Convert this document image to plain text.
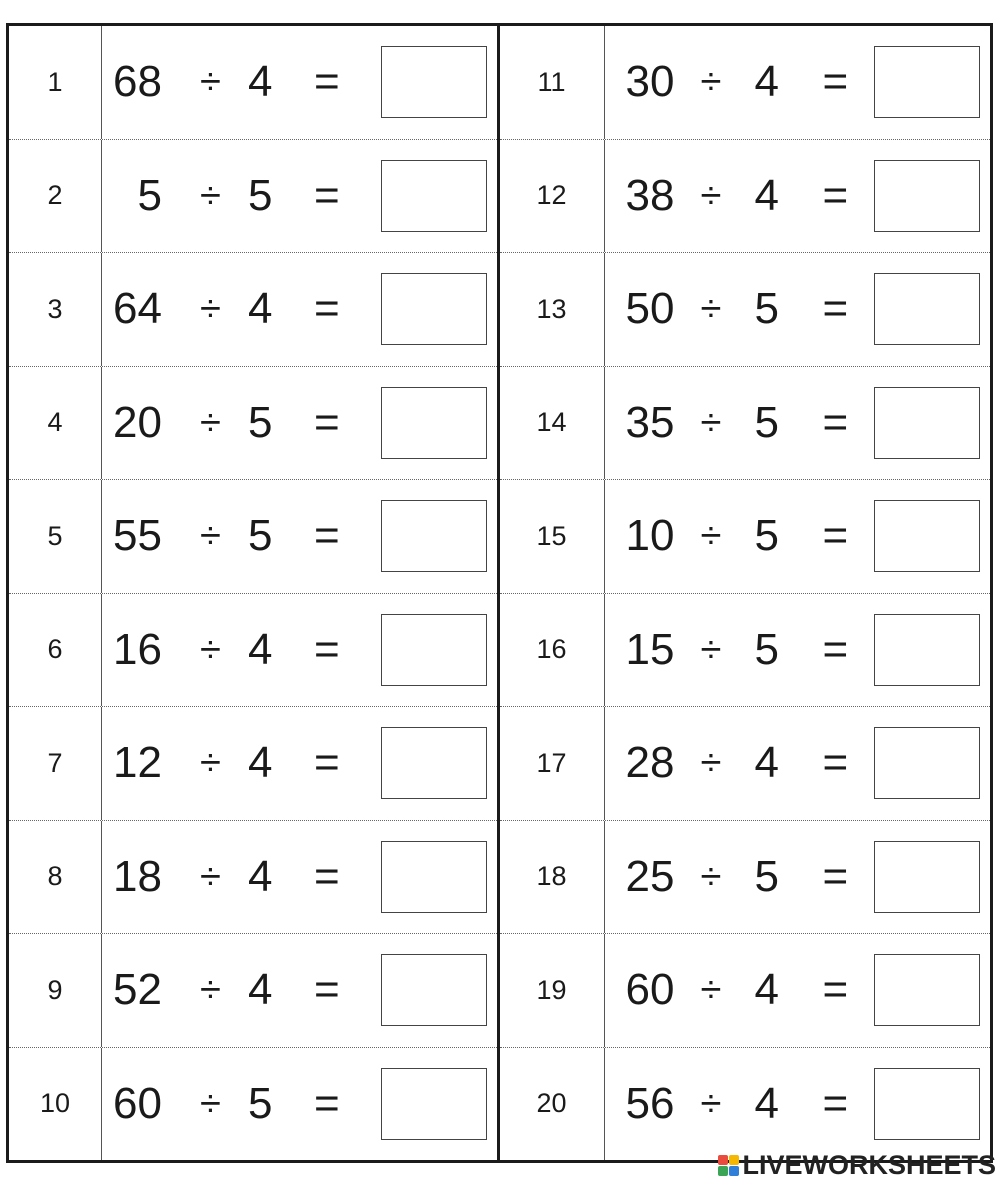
1	68 ÷ 4 =
2	5 ÷ 5 =
3	64 ÷ 4 =
4	20 ÷ 5 =
5	55 ÷ 5 =
6	16 ÷ 4 =
7	12 ÷ 4 =
8	18 ÷ 4 =
9	52 ÷ 4 =
10 60 ÷ 5 =
11	30 ÷ 4 =
12	38 ÷ 4 =
13	50 ÷ 5 =
14	35 ÷ 5 =
15	10 ÷ 5 =
16	15 ÷ 5 =
17	28 ÷ 4 =
18	25 ÷ 5 =
19	60 ÷ 4 =
20	56 ÷ 4 =
LIVEWORKSHEETS
